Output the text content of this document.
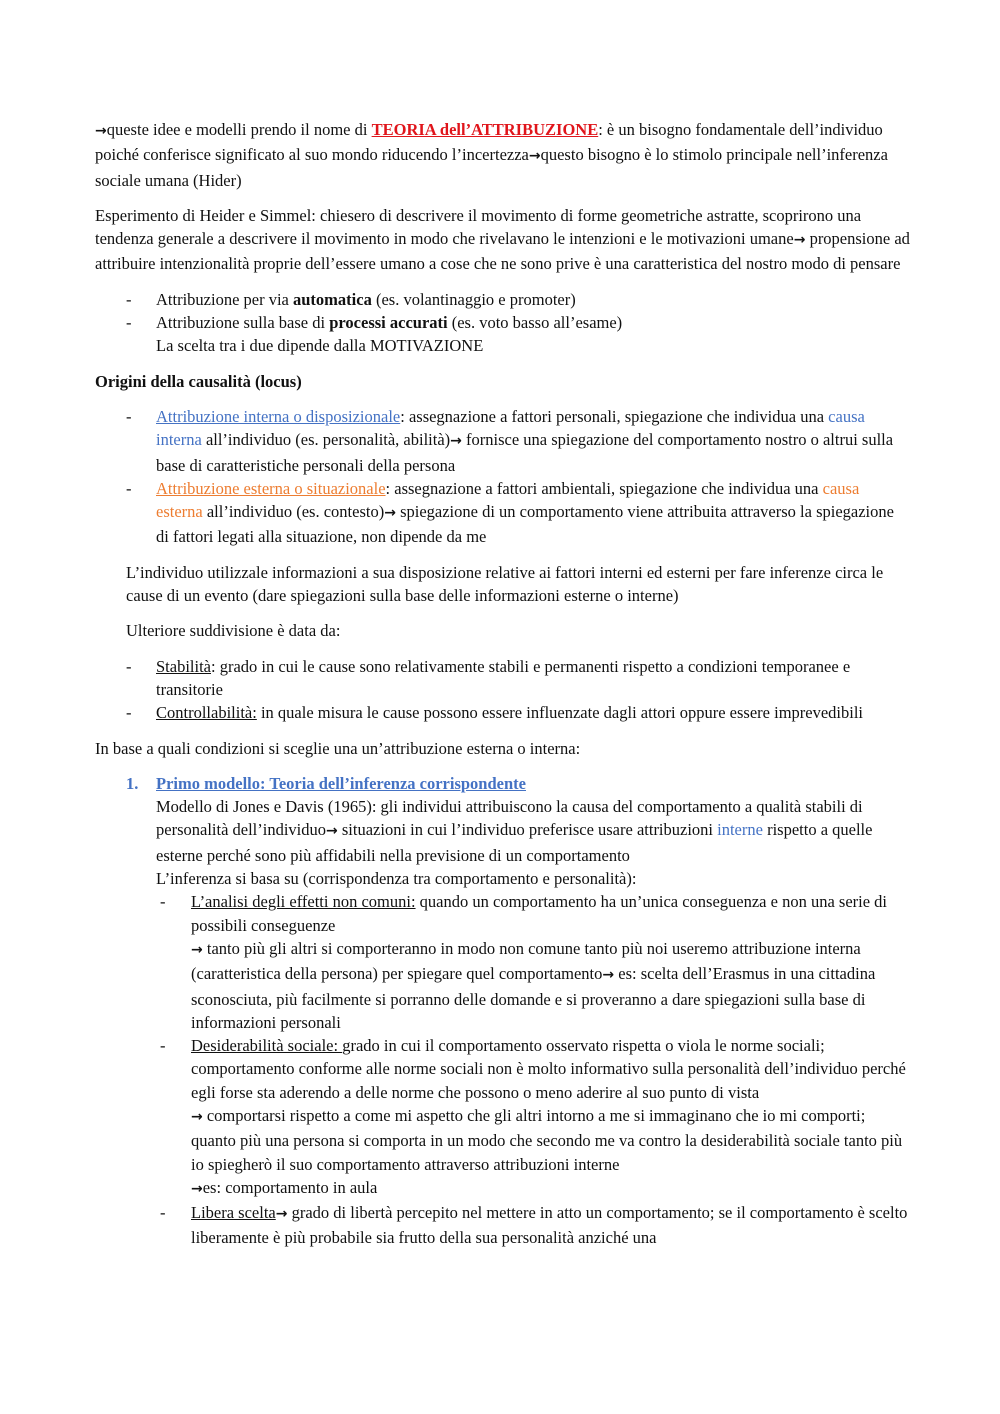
→queste idee e modelli prendo il nome di TEORIA dell’ATTRIBUZIONE: è un bisogno fondamentale dell’individuo poiché conferisce significato al suo mondo riducendo l’incertezza→questo bisogno è lo stimolo principale nell’inferenza sociale umana (Hider)

Esperimento di Heider e Simmel: chiesero di descrivere il movimento di forme geometriche astratte, scoprirono una tendenza generale a descrivere il movimento in modo che rivelavano le intenzioni e le motivazioni umane→ propensione ad attribuire intenzionalità proprie dell’essere umano a cose che ne sono prive è una caratteristica del nostro modo di pensare

- Attribuzione per via automatica (es. volantinaggio e promoter)
- Attribuzione sulla base di processi accurati (es. voto basso all’esame)
La scelta tra i due dipende dalla MOTIVAZIONE

Origini della causalità (locus)

- Attribuzione interna o disposizionale: assegnazione a fattori personali, spiegazione che individua una causa interna all’individuo (es. personalità, abilità)→ fornisce una spiegazione del comportamento nostro o altrui sulla base di caratteristiche personali della persona
- Attribuzione esterna o situazionale: assegnazione a fattori ambientali, spiegazione che individua una causa esterna all’individuo (es. contesto)→ spiegazione di un comportamento viene attribuita attraverso la spiegazione di fattori legati alla situazione, non dipende da me

L’individuo utilizzale informazioni a sua disposizione relative ai fattori interni ed esterni per fare inferenze circa le cause di un evento (dare spiegazioni sulla base delle informazioni esterne o interne)

Ulteriore suddivisione è data da:

- Stabilità: grado in cui le cause sono relativamente stabili e permanenti rispetto a condizioni temporanee e transitorie
- Controllabilità: in quale misura le cause possono essere influenzate dagli attori oppure essere imprevedibili

In base a quali condizioni si sceglie una un’attribuzione esterna o interna:

1. Primo modello: Teoria dell’inferenza corrispondente
Modello di Jones e Davis (1965): gli individui attribuiscono la causa del comportamento a qualità stabili di personalità dell’individuo→ situazioni in cui l’individuo preferisce usare attribuzioni interne rispetto a quelle esterne perché sono più affidabili nella previsione di un comportamento
L’inferenza si basa su (corrispondenza tra comportamento e personalità):
- L’analisi degli effetti non comuni: quando un comportamento ha un’unica conseguenza e non una serie di possibili conseguenze
→ tanto più gli altri si comporteranno in modo non comune tanto più noi useremo attribuzione interna (caratteristica della persona) per spiegare quel comportamento→ es: scelta dell’Erasmus in una cittadina sconosciuta, più facilmente si porranno delle domande e si proveranno a dare spiegazioni sulla base di informazioni personali
- Desiderabilità sociale: grado in cui il comportamento osservato rispetta o viola le norme sociali; comportamento conforme alle norme sociali non è molto informativo sulla personalità dell’individuo perché egli forse sta aderendo a delle norme che possono o meno aderire al suo punto di vista
→ comportarsi rispetto a come mi aspetto che gli altri intorno a me si immaginano che io mi comporti; quanto più una persona si comporta in un modo che secondo me va contro la desiderabilità sociale tanto più io spiegherò il suo comportamento attraverso attribuzioni interne
→es: comportamento in aula
- Libera scelta→ grado di libertà percepito nel mettere in atto un comportamento; se il comportamento è scelto liberamente è più probabile sia frutto della sua personalità anziché una
